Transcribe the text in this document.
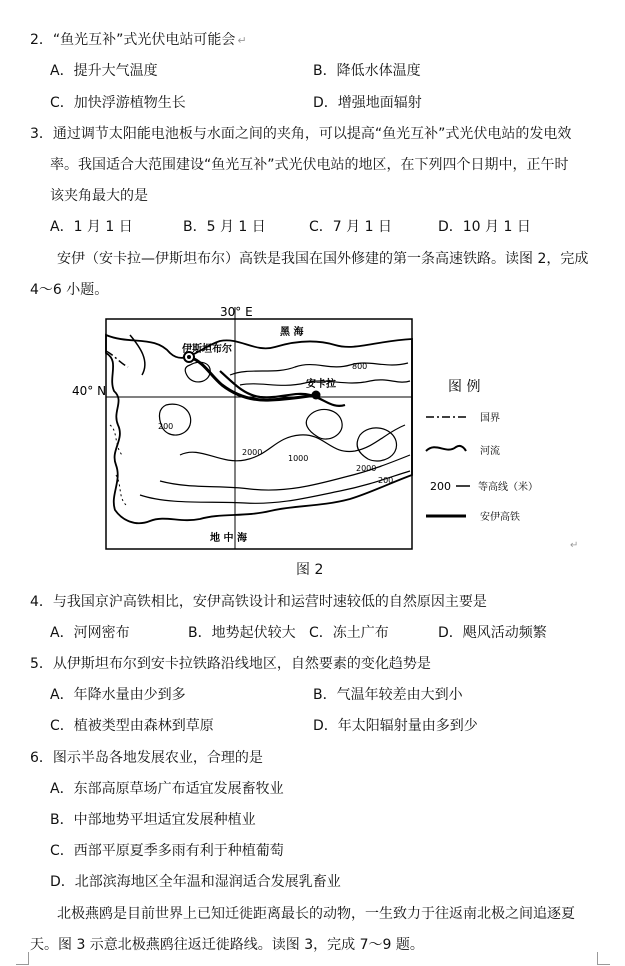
2．“鱼光互补”式光伏电站可能会 ↵
A．提升大气温度	B．降低水体温度
C．加快浮游植物生长	D．增强地面辐射
3．通过调节太阳能电池板与水面之间的夹角，可以提高“鱼光互补”式光伏电站的发电效
率。我国适合大范围建设“鱼光互补”式光伏电站的地区，在下列四个日期中，正午时
该夹角最大的是
A．1 月 1 日	B．5 月 1 日	C．7 月 1 日	D．10 月 1 日
安伊（安卡拉—伊斯坦布尔）高铁是我国在国外修建的第一条高速铁路。读图 2，完成
4～6 小题。
30° E
40° N
伊斯坦布尔
安卡拉
黑 海
地 中 海
800
200
2000
1000
2000
200
图 例
国界
河流
200	等高线（米）
安伊高铁
↵
图 2
4．与我国京沪高铁相比，安伊高铁设计和运营时速较低的自然原因主要是
A．河网密布	B．地势起伏较大 C．冻土广布	D．飓风活动频繁
5．从伊斯坦布尔到安卡拉铁路沿线地区，自然要素的变化趋势是
A．年降水量由少到多	B．气温年较差由大到小
C．植被类型由森林到草原	D．年太阳辐射量由多到少
6．图示半岛各地发展农业，合理的是
A．东部高原草场广布适宜发展畜牧业
B．中部地势平坦适宜发展种植业
C．西部平原夏季多雨有利于种植葡萄
D．北部滨海地区全年温和湿润适合发展乳畜业
北极燕鸥是目前世界上已知迁徙距离最长的动物，一生致力于往返南北极之间追逐夏
天。图 3 示意北极燕鸥往返迁徙路线。读图 3，完成 7～9 题。
